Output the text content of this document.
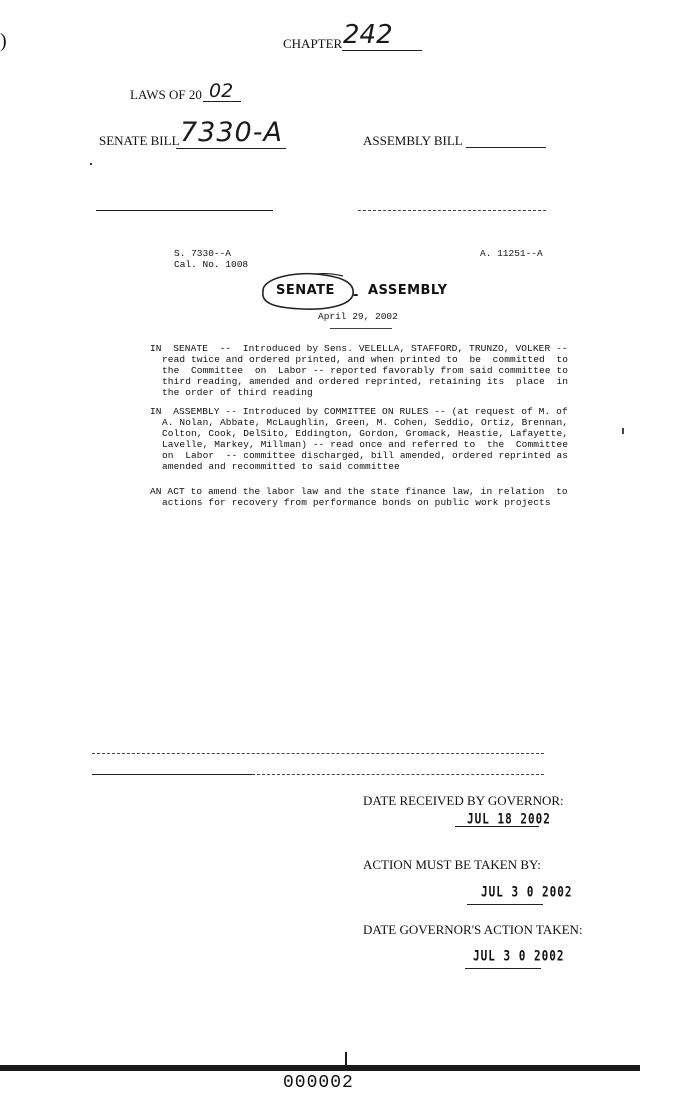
)	CHAPTER 242
LAWS OF 20 02
SENATE BILL 7330-A	ASSEMBLY BILL
S. 7330--A
Cal. No. 1008
A. 11251--A
SENATE - ASSEMBLY
April 29, 2002
IN  SENATE  --  Introduced by Sens. VELELLA, STAFFORD, TRUNZO, VOLKER --
read twice and ordered printed, and when printed to  be  committed  to
the  Committee  on  Labor -- reported favorably from said committee to
third reading, amended and ordered reprinted, retaining its  place  in
the order of third reading
IN  ASSEMBLY -- Introduced by COMMITTEE ON RULES -- (at request of M. of
A. Nolan, Abbate, McLaughlin, Green, M. Cohen, Seddio, Ortiz, Brennan,
Colton, Cook, DelSito, Eddington, Gordon, Gromack, Heastie, Lafayette,
Lavelle, Markey, Millman) -- read once and referred to  the  Committee
on  Labor  -- committee discharged, bill amended, ordered reprinted as
amended and recommitted to said committee
AN ACT to amend the labor law and the state finance law, in relation  to
actions for recovery from performance bonds on public work projects
DATE RECEIVED BY GOVERNOR:
JUL 18 2002
ACTION MUST BE TAKEN BY:
JUL 3 0 2002
DATE GOVERNOR'S ACTION TAKEN:
JUL 3 0 2002
000002
